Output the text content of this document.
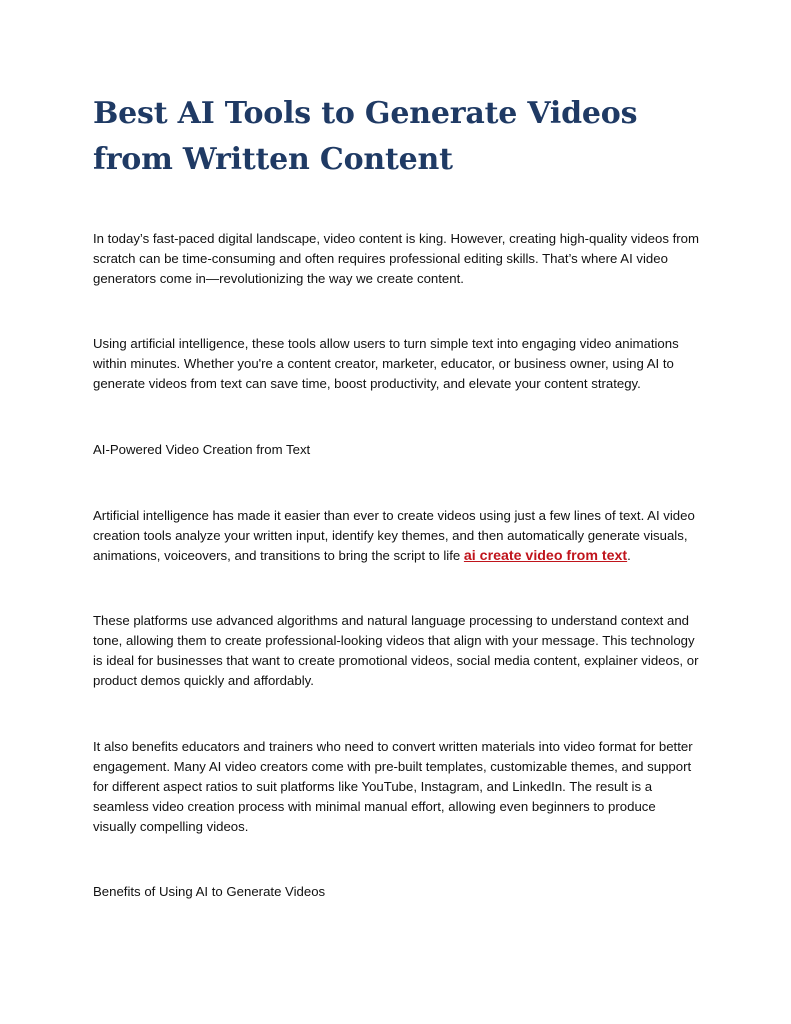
Best AI Tools to Generate Videos from Written Content

In today’s fast-paced digital landscape, video content is king. However, creating high-quality videos from scratch can be time-consuming and often requires professional editing skills. That’s where AI video generators come in—revolutionizing the way we create content.

Using artificial intelligence, these tools allow users to turn simple text into engaging video animations within minutes. Whether you're a content creator, marketer, educator, or business owner, using AI to generate videos from text can save time, boost productivity, and elevate your content strategy.

AI-Powered Video Creation from Text

Artificial intelligence has made it easier than ever to create videos using just a few lines of text. AI video creation tools analyze your written input, identify key themes, and then automatically generate visuals, animations, voiceovers, and transitions to bring the script to life ai create video from text.

These platforms use advanced algorithms and natural language processing to understand context and tone, allowing them to create professional-looking videos that align with your message. This technology is ideal for businesses that want to create promotional videos, social media content, explainer videos, or product demos quickly and affordably.

It also benefits educators and trainers who need to convert written materials into video format for better engagement. Many AI video creators come with pre-built templates, customizable themes, and support for different aspect ratios to suit platforms like YouTube, Instagram, and LinkedIn. The result is a seamless video creation process with minimal manual effort, allowing even beginners to produce visually compelling videos.

Benefits of Using AI to Generate Videos
